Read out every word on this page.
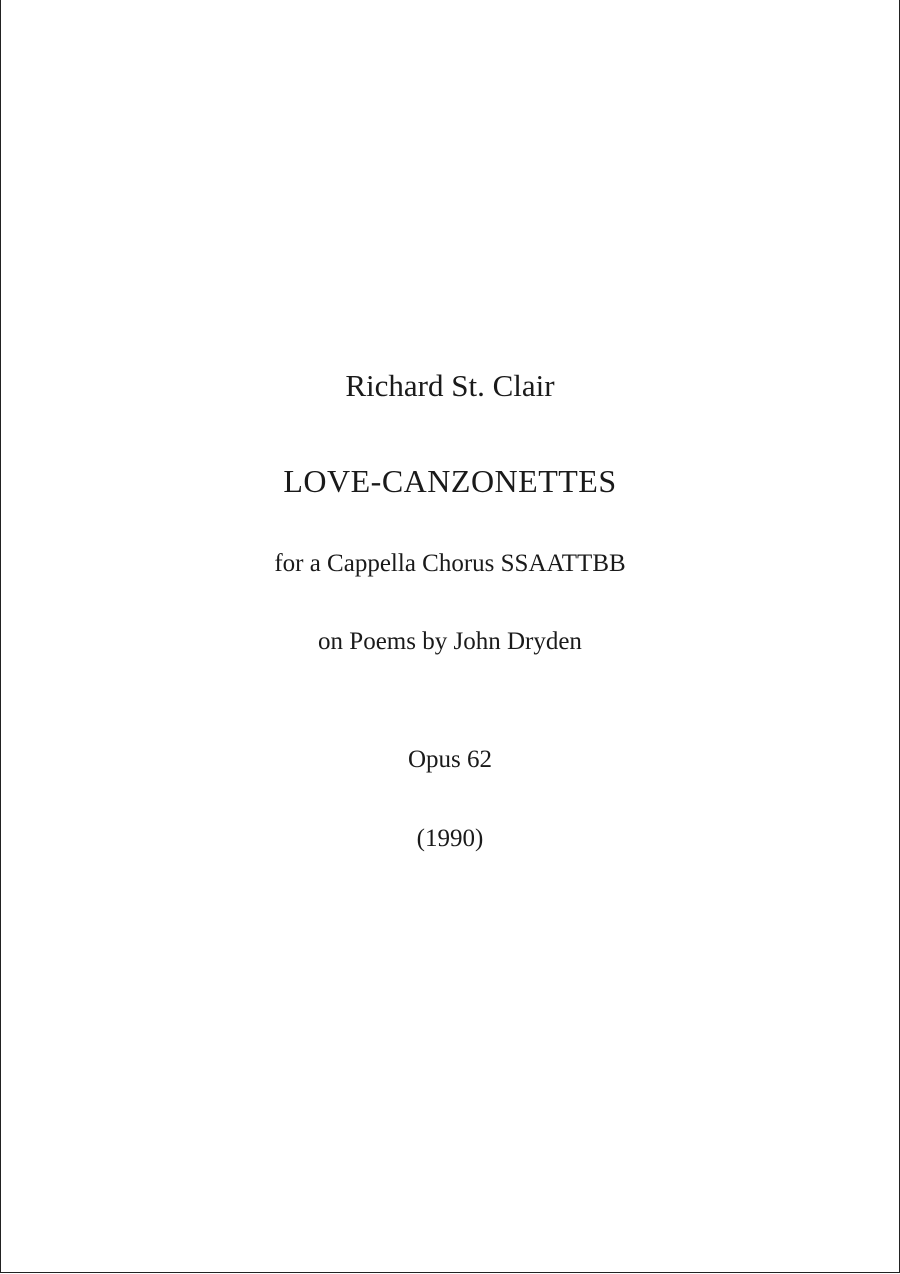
Richard St. Clair
LOVE-CANZONETTES
for a Cappella Chorus SSAATTBB
on Poems by John Dryden
Opus 62
(1990)
